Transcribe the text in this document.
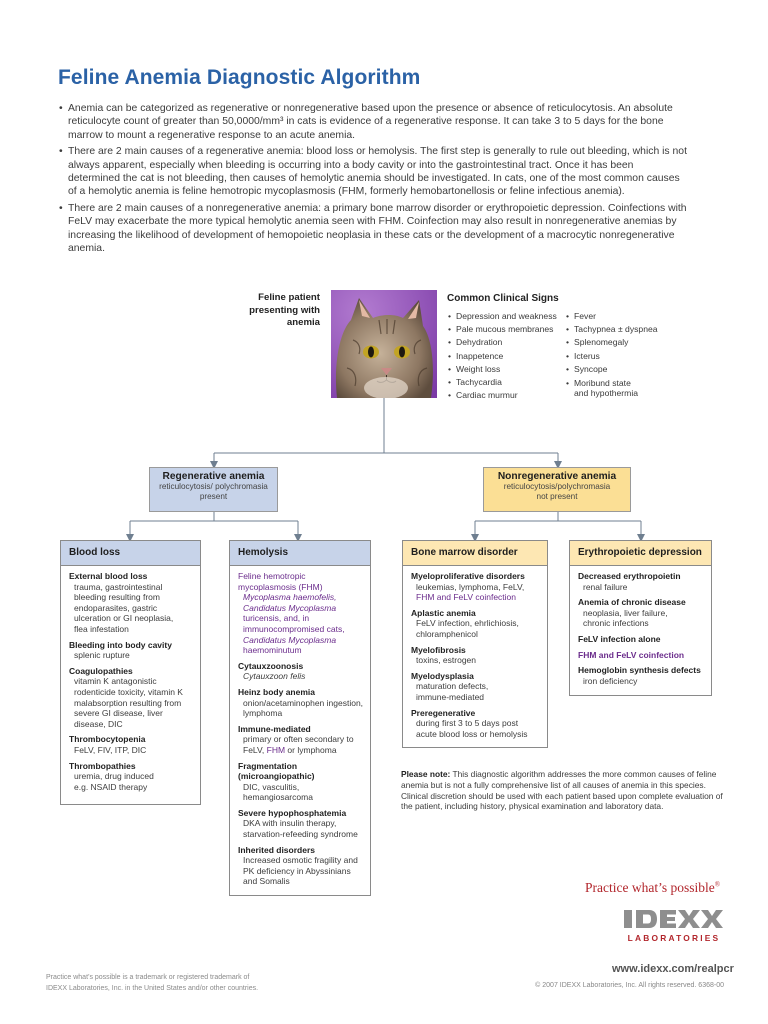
Feline Anemia Diagnostic Algorithm
• Anemia can be categorized as regenerative or nonregenerative based upon the presence or absence of reticulocytosis. An absolute reticulocyte count of greater than 50,0000/mm³ in cats is evidence of a regenerative response. It can take 3 to 5 days for the bone marrow to mount a regenerative response to an acute anemia.
• There are 2 main causes of a regenerative anemia: blood loss or hemolysis. The first step is generally to rule out bleeding, which is not always apparent, especially when bleeding is occurring into a body cavity or into the gastrointestinal tract. Once it has been determined the cat is not bleeding, then causes of hemolytic anemia should be investigated. In cats, one of the most common causes of a hemolytic anemia is feline hemotropic mycoplasmosis (FHM, formerly hemobartonellosis or feline infectious anemia).
• There are 2 main causes of a nonregenerative anemia: a primary bone marrow disorder or erythropoietic depression. Coinfections with FeLV may exacerbate the more typical hemolytic anemia seen with FHM. Coinfection may also result in nonregenerative anemias by increasing the likelihood of development of hemopoietic neoplasia in these cats or the development of a macrocytic nonregenerative anemia.
Feline patient
presenting with
anemia
Common Clinical Signs
• Depression and weakness
• Pale mucous membranes
• Dehydration
• Inappetence
• Weight loss
• Tachycardia
• Cardiac murmur
• Fever
• Tachypnea ± dyspnea
• Splenomegaly
• Icterus
• Syncope
• Moribund state
and hypothermia
Regenerative anemia
reticulocytosis/ polychromasia
present
Nonregenerative anemia
reticulocytosis/polychromasia
not present
Blood loss
External blood loss
trauma, gastrointestinal
bleeding resulting from
endoparasites, gastric
ulceration or GI neoplasia,
flea infestation
Bleeding into body cavity
splenic rupture
Coagulopathies
vitamin K antagonistic
rodenticide toxicity, vitamin K
malabsorption resulting from
severe GI disease, liver
disease, DIC
Thrombocytopenia
FeLV, FIV, ITP, DIC
Thrombopathies
uremia, drug induced
e.g. NSAID therapy
Hemolysis
Feline hemotropic
mycoplasmosis (FHM)
Mycoplasma haemofelis,
Candidatus Mycoplasma
turicensis, and, in
immunocompromised cats,
Candidatus Mycoplasma
haemominutum
Cytauxzoonosis
Cytauxzoon felis
Heinz body anemia
onion/acetaminophen ingestion,
lymphoma
Immune-mediated
primary or often secondary to
FeLV, FHM or lymphoma
Fragmentation
(microangiopathic)
DIC, vasculitis,
hemangiosarcoma
Severe hypophosphatemia
DKA with insulin therapy,
starvation-refeeding syndrome
Inherited disorders
Increased osmotic fragility and
PK deficiency in Abyssinians
and Somalis
Bone marrow disorder
Myeloproliferative disorders
leukemias, lymphoma, FeLV,
FHM and FeLV coinfection
Aplastic anemia
FeLV infection, ehrlichiosis,
chloramphenicol
Myelofibrosis
toxins, estrogen
Myelodysplasia
maturation defects,
immune-mediated
Preregenerative
during first 3 to 5 days post
acute blood loss or hemolysis
Erythropoietic depression
Decreased erythropoietin
renal failure
Anemia of chronic disease
neoplasia, liver failure,
chronic infections
FeLV infection alone
FHM and FeLV coinfection
Hemoglobin synthesis defects
iron deficiency
Please note: This diagnostic algorithm addresses the more common causes of feline anemia but is not a fully comprehensive list of all causes of anemia in this species. Clinical discretion should be used with each patient based upon complete evaluation of the patient, including history, physical examination and laboratory data.
Practice what’s possible®
LABORATORIES
www.idexx.com/realpcr
© 2007 IDEXX Laboratories, Inc. All rights reserved. 6368-00
Practice what’s possible is a trademark or registered trademark of
IDEXX Laboratories, Inc. in the United States and/or other countries.
